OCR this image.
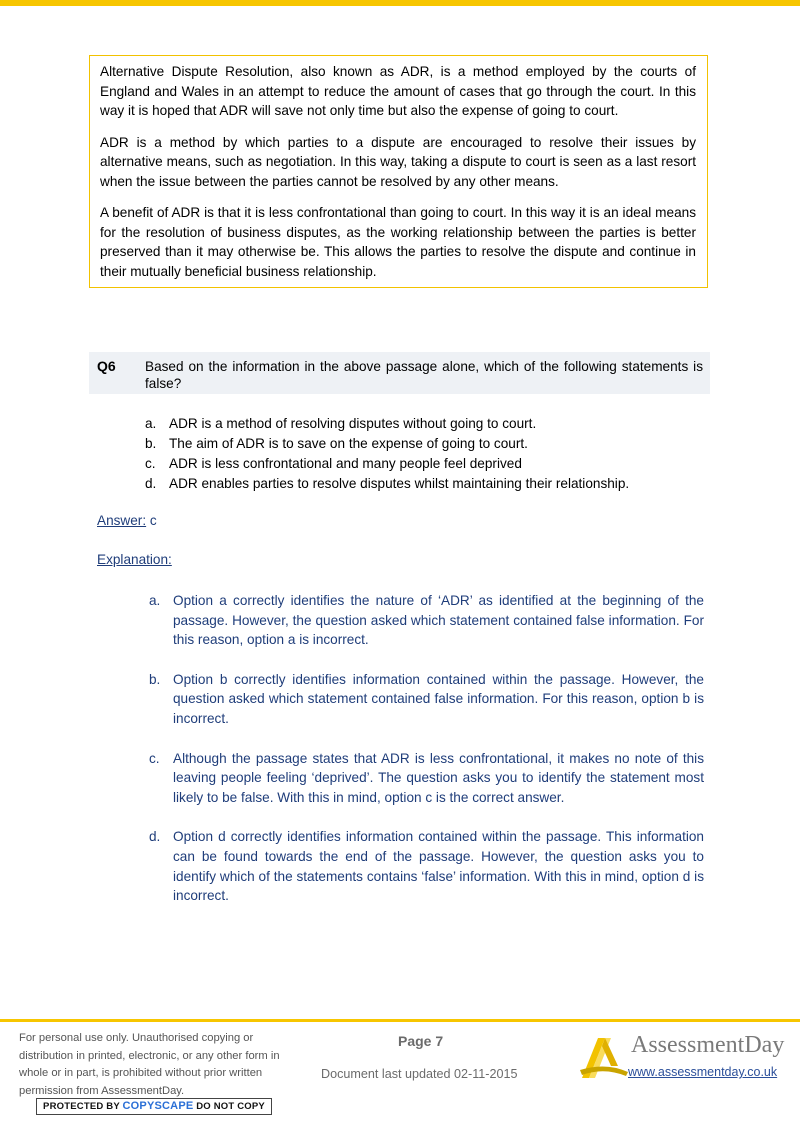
Alternative Dispute Resolution, also known as ADR, is a method employed by the courts of England and Wales in an attempt to reduce the amount of cases that go through the court. In this way it is hoped that ADR will save not only time but also the expense of going to court.

ADR is a method by which parties to a dispute are encouraged to resolve their issues by alternative means, such as negotiation. In this way, taking a dispute to court is seen as a last resort when the issue between the parties cannot be resolved by any other means.

A benefit of ADR is that it is less confrontational than going to court. In this way it is an ideal means for the resolution of business disputes, as the working relationship between the parties is better preserved than it may otherwise be. This allows the parties to resolve the dispute and continue in their mutually beneficial business relationship.

Q6 Based on the information in the above passage alone, which of the following statements is false?
a. ADR is a method of resolving disputes without going to court.
b. The aim of ADR is to save on the expense of going to court.
c. ADR is less confrontational and many people feel deprived
d. ADR enables parties to resolve disputes whilst maintaining their relationship.
Answer: c
Explanation:
a. Option a correctly identifies the nature of ‘ADR’ as identified at the beginning of the passage. However, the question asked which statement contained false information. For this reason, option a is incorrect.
b. Option b correctly identifies information contained within the passage. However, the question asked which statement contained false information. For this reason, option b is incorrect.
c. Although the passage states that ADR is less confrontational, it makes no note of this leaving people feeling ‘deprived’. The question asks you to identify the statement most likely to be false. With this in mind, option c is the correct answer.
d. Option d correctly identifies information contained within the passage. This information can be found towards the end of the passage. However, the question asks you to identify which of the statements contains ‘false’ information. With this in mind, option d is incorrect.
For personal use only. Unauthorised copying or distribution in printed, electronic, or any other form in whole or in part, is prohibited without prior written permission from AssessmentDay.
PROTECTED BY COPYSCAPE DO NOT COPY
Page 7
Document last updated 02-11-2015
AssessmentDay
www.assessmentday.co.uk
